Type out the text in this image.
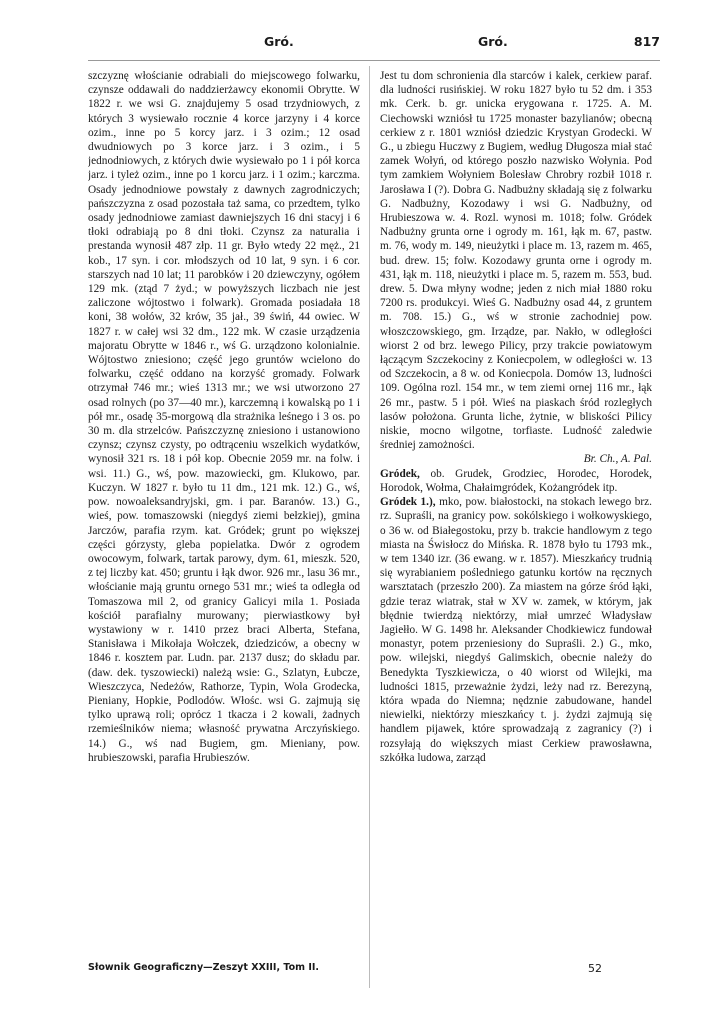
Gró.	Gró.	817

szczyznę włościanie odrabiali do miejscowego folwarku, czynsze oddawali do naddzierżawcy ekonomii Obrytte. W 1822 r. we wsi G. znajdujemy 5 osad trzydniowych, z których 3 wysiewało rocznie 4 korce jarzyny i 4 korce ozim., inne po 5 korcy jarz. i 3 ozim.; 12 osad dwudniowych po 3 korce jarz. i 3 ozim., i 5 jednodniowych, z których dwie wysiewało po 1 i pół korca jarz. i tyleż ozim., inne po 1 korcu jarz. i 1 ozim.; karczma. Osady jednodniowe powstały z dawnych zagrodniczych; pańszczyzna z osad pozostała taż sama, co przedtem, tylko osady jednodniowe zamiast dawniejszych 16 dni stacyj i 6 tłoki odrabiają po 8 dni tłoki. Czynsz za naturalia i prestanda wynosił 487 złp. 11 gr. Było wtedy 22 męż., 21 kob., 17 syn. i cor. młodszych od 10 lat, 9 syn. i 6 cor. starszych nad 10 lat; 11 parobków i 20 dziewczyny, ogółem 129 mk. (ztąd 7 żyd.; w powyższych liczbach nie jest zaliczone wójtostwo i folwark). Gromada posiadała 18 koni, 38 wołów, 32 krów, 35 jał., 39 świń, 44 owiec. W 1827 r. w całej wsi 32 dm., 122 mk. W czasie urządzenia majoratu Obrytte w 1846 r., wś G. urządzono kolonialnie. Wójtostwo zniesiono; część jego gruntów wcielono do folwarku, część oddano na korzyść gromady. Folwark otrzymał 746 mr.; wieś 1313 mr.; we wsi utworzono 27 osad rolnych (po 37—40 mr.), karczemną i kowalską po 1 i pół mr., osadę 35-morgową dla strażnika leśnego i 3 os. po 30 m. dla strzelców. Pańszczyznę zniesiono i ustanowiono czynsz; czynsz czysty, po odtrąceniu wszelkich wydatków, wynosił 321 rs. 18 i pół kop. Obecnie 2059 mr. na folw. i wsi. 11.) G., wś, pow. mazowiecki, gm. Klukowo, par. Kuczyn. W 1827 r. było tu 11 dm., 121 mk. 12.) G., wś, pow. nowoaleksandryjski, gm. i par. Baranów. 13.) G., wieś, pow. tomaszowski (niegdyś ziemi bełzkiej), gmina Jarczów, parafia rzym. kat. Gródek; grunt po większej części górzysty, gleba popielatka. Dwór z ogrodem owocowym, folwark, tartak parowy, dym. 61, mieszk. 520, z tej liczby kat. 450; gruntu i łąk dwor. 926 mr., lasu 36 mr., włościanie mają gruntu ornego 531 mr.; wieś ta odległa od Tomaszowa mil 2, od granicy Galicyi mila 1. Posiada kościół parafialny murowany; pierwiastkowy był wystawiony w r. 1410 przez braci Alberta, Stefana, Stanisława i Mikołaja Wołczek, dziedziców, a obecny w 1846 r. kosztem par. Ludn. par. 2137 dusz; do składu par. (daw. dek. tyszowiecki) należą wsie: G., Szlatyn, Łubcze, Wieszczyca, Nedeżów, Rathorze, Typin, Wola Grodecka, Pieniany, Hopkie, Podlodów. Włośc. wsi G. zajmują się tylko uprawą roli; oprócz 1 tkacza i 2 kowali, żadnych rzemieślników niema; własność prywatna Arczyńskiego. 14.) G., wś nad Bugiem, gm. Mieniany, pow. hrubieszowski, parafia Hrubieszów.

Jest tu dom schronienia dla starców i kalek, cerkiew paraf. dla ludności rusińskiej. W roku 1827 było tu 52 dm. i 353 mk. Cerk. b. gr. unicka erygowana r. 1725. A. M. Ciechowski wzniósł tu 1725 monaster bazylianów; obecną cerkiew z r. 1801 wzniósł dziedzic Krystyan Grodecki. W G., u zbiegu Huczwy z Bugiem, według Długosza miał stać zamek Wołyń, od którego poszło nazwisko Wołynia. Pod tym zamkiem Wołyniem Bolesław Chrobry rozbił 1018 r. Jarosława I (?). Dobra G. Nadbużny składają się z folwarku G. Nadbużny, Kozodawy i wsi G. Nadbużny, od Hrubieszowa w. 4. Rozl. wynosi m. 1018; folw. Gródek Nadbużny grunta orne i ogrody m. 161, łąk m. 67, pastw. m. 76, wody m. 149, nieużytki i place m. 13, razem m. 465, bud. drew. 15; folw. Kozodawy grunta orne i ogrody m. 431, łąk m. 118, nieużytki i place m. 5, razem m. 553, bud. drew. 5. Dwa młyny wodne; jeden z nich miał 1880 roku 7200 rs. produkcyi. Wieś G. Nadbużny osad 44, z gruntem m. 708. 15.) G., wś w stronie zachodniej pow. włoszczowskiego, gm. Irządze, par. Nakło, w odległości wiorst 2 od brz. lewego Pilicy, przy trakcie powiatowym łączącym Szczekociny z Koniecpolem, w odległości w. 13 od Szczekocin, a 8 w. od Koniecpola. Domów 13, ludności 109. Ogólna rozl. 154 mr., w tem ziemi ornej 116 mr., łąk 26 mr., pastw. 5 i pół. Wieś na piaskach śród rozległych lasów położona. Grunta liche, żytnie, w bliskości Pilicy niskie, mocno wilgotne, torfiaste. Ludność zaledwie średniej zamożności.

Br. Ch., A. Pal.

Gródek, ob. Grudek, Grodziec, Horodec, Horodek, Horodok, Wołma, Chałaimgródek, Kożangródek itp.

Gródek 1.), mko, pow. białostocki, na stokach lewego brz. rz. Supraśli, na granicy pow. sokólskiego i wołkowyskiego, o 36 w. od Białegostoku, przy b. trakcie handlowym z tego miasta na Świsłocz do Mińska. R. 1878 było tu 1793 mk., w tem 1340 izr. (36 ewang. w r. 1857). Mieszkańcy trudnią się wyrabianiem pośledniego gatunku kortów na ręcznych warsztatach (przeszło 200). Za miastem na górze śród łąki, gdzie teraz wiatrak, stał w XV w. zamek, w którym, jak błędnie twierdzą niektórzy, miał umrzeć Władysław Jagiełło. W G. 1498 hr. Aleksander Chodkiewicz fundował monastyr, potem przeniesiony do Supraśli. 2.) G., mko, pow. wilejski, niegdyś Galimskich, obecnie należy do Benedykta Tyszkiewicza, o 40 wiorst od Wilejki, ma ludności 1815, przeważnie żydzi, leży nad rz. Berezyną, która wpada do Niemna; nędznie zabudowane, handel niewielki, niektórzy mieszkańcy t. j. żydzi zajmują się handlem pijawek, które sprowadzają z zagranicy (?) i rozsyłają do większych miast Cerkiew prawosławna, szkółka ludowa, zarząd

Słownik Geograficzny—Zeszyt XXIII, Tom II.	52
